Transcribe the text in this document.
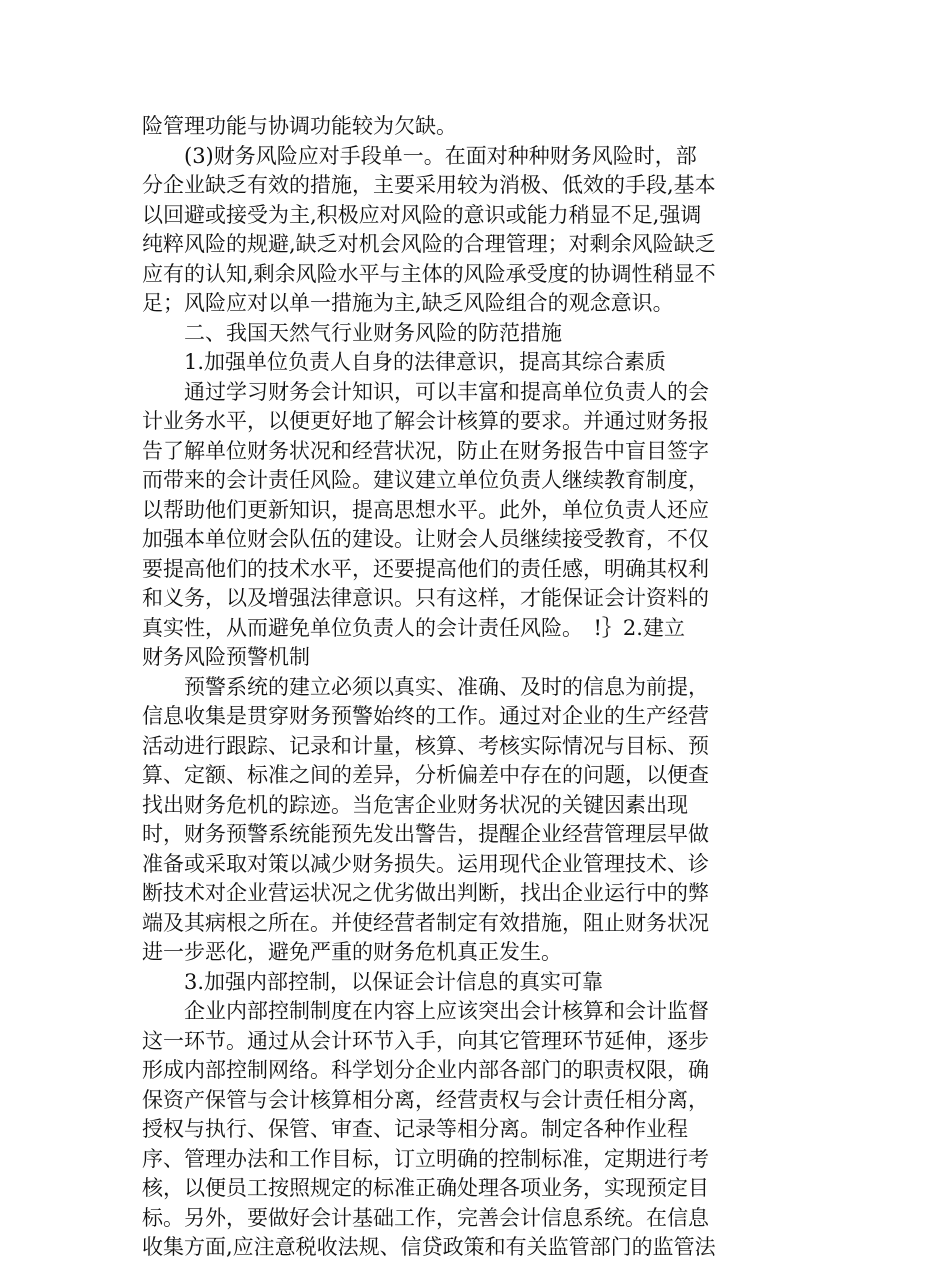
险管理功能与协调功能较为欠缺。
(3)财务风险应对手段单一。在面对种种财务风险时，部
分企业缺乏有效的措施，主要采用较为消极、低效的手段,基本
以回避或接受为主,积极应对风险的意识或能力稍显不足,强调
纯粹风险的规避,缺乏对机会风险的合理管理；对剩余风险缺乏
应有的认知,剩余风险水平与主体的风险承受度的协调性稍显不
足；风险应对以单一措施为主,缺乏风险组合的观念意识。
二、我国天然气行业财务风险的防范措施
1.加强单位负责人自身的法律意识，提高其综合素质
通过学习财务会计知识，可以丰富和提高单位负责人的会
计业务水平，以便更好地了解会计核算的要求。并通过财务报
告了解单位财务状况和经营状况，防止在财务报告中盲目签字
而带来的会计责任风险。建议建立单位负责人继续教育制度，
以帮助他们更新知识，提高思想水平。此外，单位负责人还应
加强本单位财会队伍的建设。让财会人员继续接受教育，不仅
要提高他们的技术水平，还要提高他们的责任感，明确其权利
和义务，以及增强法律意识。只有这样，才能保证会计资料的
真实性，从而避免单位负责人的会计责任风险。　!｝2.建立
财务风险预警机制
预警系统的建立必须以真实、准确、及时的信息为前提，
信息收集是贯穿财务预警始终的工作。通过对企业的生产经营
活动进行跟踪、记录和计量，核算、考核实际情况与目标、预
算、定额、标准之间的差异，分析偏差中存在的问题，以便查
找出财务危机的踪迹。当危害企业财务状况的关键因素出现
时，财务预警系统能预先发出警告，提醒企业经营管理层早做
准备或采取对策以减少财务损失。运用现代企业管理技术、诊
断技术对企业营运状况之优劣做出判断，找出企业运行中的弊
端及其病根之所在。并使经营者制定有效措施，阻止财务状况
进一步恶化，避免严重的财务危机真正发生。
3.加强内部控制，以保证会计信息的真实可靠
企业内部控制制度在内容上应该突出会计核算和会计监督
这一环节。通过从会计环节入手，向其它管理环节延伸，逐步
形成内部控制网络。科学划分企业内部各部门的职责权限，确
保资产保管与会计核算相分离，经营责权与会计责任相分离，
授权与执行、保管、审查、记录等相分离。制定各种作业程
序、管理办法和工作目标，订立明确的控制标准，定期进行考
核，以便员工按照规定的标准正确处理各项业务，实现预定目
标。另外，要做好会计基础工作，完善会计信息系统。在信息
收集方面,应注意税收法规、信贷政策和有关监管部门的监管法
